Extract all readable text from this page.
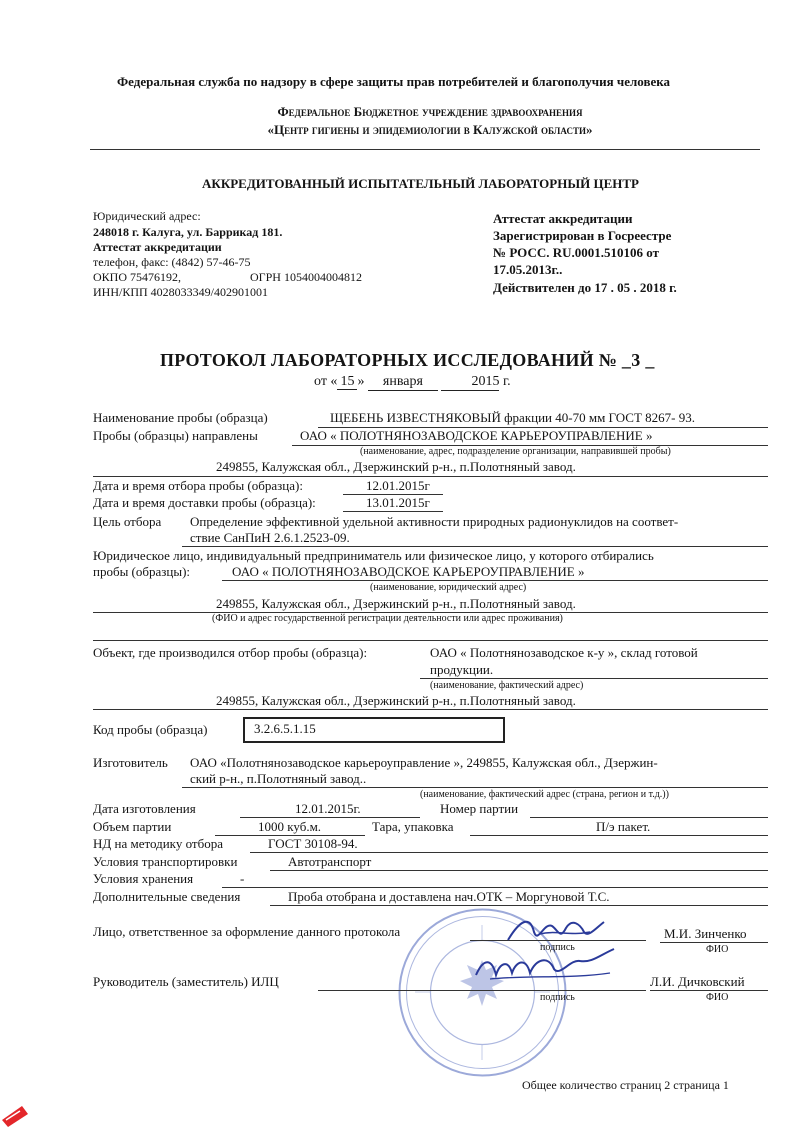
Федеральная служба по надзору в сфере защиты прав потребителей и благополучия человека
Федеральное Бюджетное учреждение здравоохранения
«Центр гигиены и эпидемиологии в Калужской области»
АККРЕДИТОВАННЫЙ ИСПЫТАТЕЛЬНЫЙ ЛАБОРАТОРНЫЙ ЦЕНТР
Юридический адрес:
248018 г. Калуга, ул. Баррикад 181.
Аттестат аккредитации
телефон, факс: (4842) 57-46-75
ОКПО 75476192,	ОГРН 1054004004812
ИНН/КПП 4028033349/402901001
Аттестат аккредитации
Зарегистрирован в Госреестре
№ РОСС. RU.0001.510106 от
17.05.2013г..
Действителен до 17 . 05 . 2018 г.
ПРОТОКОЛ ЛАБОРАТОРНЫХ ИССЛЕДОВАНИЙ № _3 _
от « 15 » января	2015 г.
Наименование пробы (образца)	ЩЕБЕНЬ ИЗВЕСТНЯКОВЫЙ фракции 40-70 мм ГОСТ 8267- 93.
Пробы (образцы) направлены	ОАО « ПОЛОТНЯНОЗАВОДСКОЕ КАРЬЕРОУПРАВЛЕНИЕ »
(наименование, адрес, подразделение организации, направившей пробы)
249855, Калужская обл., Дзержинский р-н., п.Полотняный завод.
Дата и время отбора пробы (образца):	12.01.2015г
Дата и время доставки пробы (образца):	13.01.2015г
Цель отбора Определение эффективной удельной активности природных радионуклидов на соответ-
ствие СанПиН 2.6.1.2523-09.
Юридическое лицо, индивидуальный предприниматель или физическое лицо, у которого отбирались
пробы (образцы):	ОАО « ПОЛОТНЯНОЗАВОДСКОЕ КАРЬЕРОУПРАВЛЕНИЕ »
(наименование, юридический адрес)
249855, Калужская обл., Дзержинский р-н., п.Полотняный завод.
(ФИО и адрес государственной регистрации деятельности или адрес проживания)
Объект, где производился отбор пробы (образца):	ОАО « Полотнянозаводское к-у », склад готовой
продукции.
(наименование, фактический адрес)
249855, Калужская обл., Дзержинский р-н., п.Полотняный завод.
Код пробы (образца)	3.2.6.5.1.15
Изготовитель ОАО «Полотнянозаводское карьероуправление », 249855, Калужская обл., Дзержин-
ский р-н., п.Полотняный завод..
(наименование, фактический адрес (страна, регион и т.д.))
Дата изготовления	12.01.2015г.	Номер партии
Объем партии	1000 куб.м.	Тара, упаковка	П/э пакет.
НД на методику отбора	ГОСТ 30108-94.
Условия транспортировки	Автотранспорт
Условия хранения	-
Дополнительные сведения	Проба отобрана и доставлена нач.ОТК – Моргуновой Т.С.
Лицо, ответственное за оформление данного протокола
подпись
М.И. Зинченко
ФИО
Руководитель (заместитель) ИЛЦ
подпись
Л.И. Дичковский
ФИО
Общее количество страниц 2 страница 1
